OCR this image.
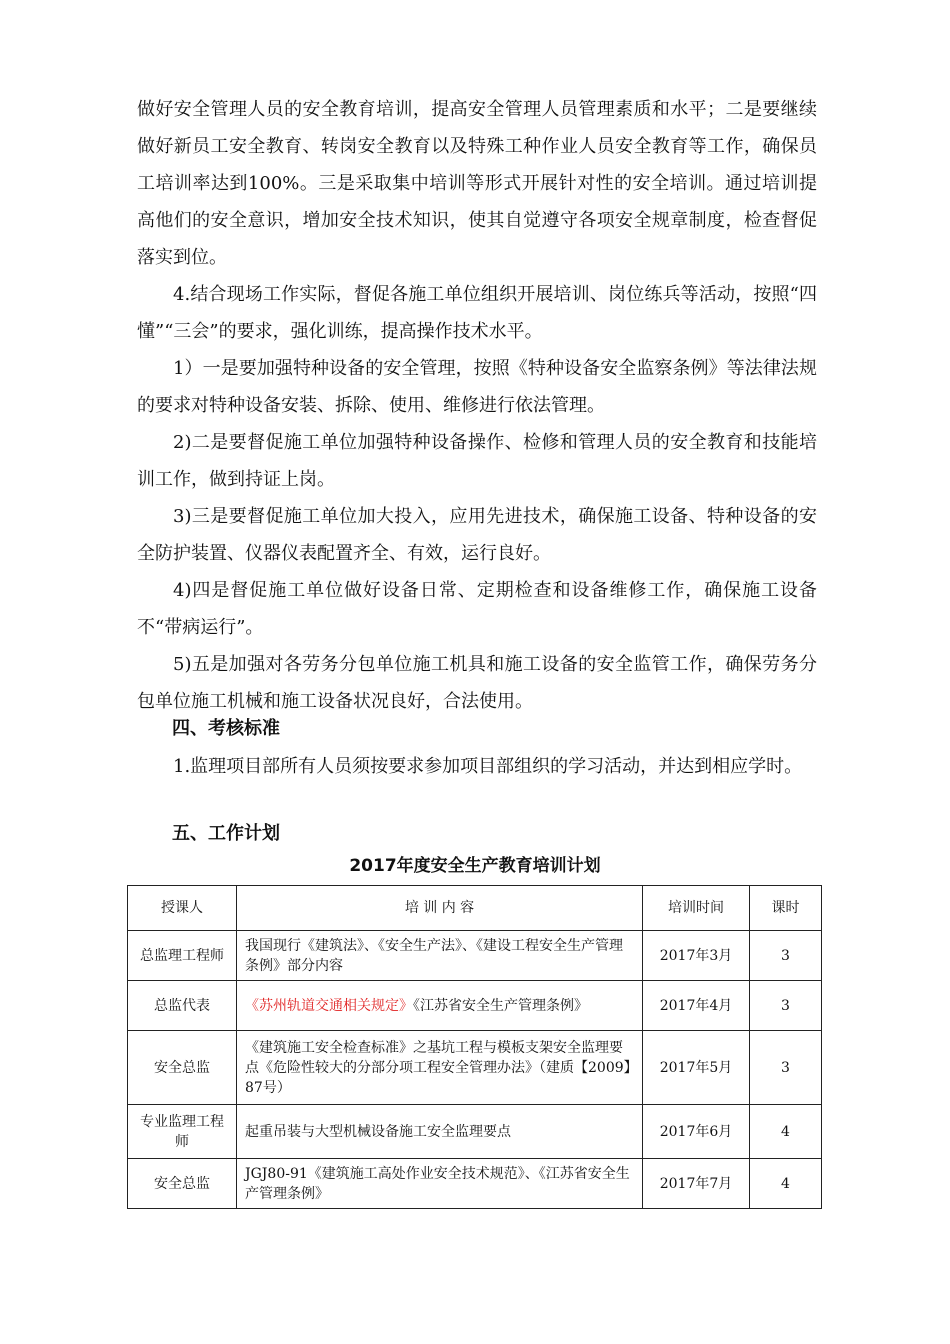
做好安全管理人员的安全教育培训，提高安全管理人员管理素质和水平；二是要继续做好新员工安全教育、转岗安全教育以及特殊工种作业人员安全教育等工作，确保员工培训率达到100%。三是采取集中培训等形式开展针对性的安全培训。通过培训提高他们的安全意识，增加安全技术知识，使其自觉遵守各项安全规章制度，检查督促落实到位。

4.结合现场工作实际，督促各施工单位组织开展培训、岗位练兵等活动，按照“四懂”“三会”的要求，强化训练，提高操作技术水平。

1）一是要加强特种设备的安全管理，按照《特种设备安全监察条例》等法律法规的要求对特种设备安装、拆除、使用、维修进行依法管理。

2)二是要督促施工单位加强特种设备操作、检修和管理人员的安全教育和技能培训工作，做到持证上岗。

3)三是要督促施工单位加大投入，应用先进技术，确保施工设备、特种设备的安全防护装置、仪器仪表配置齐全、有效，运行良好。

4)四是督促施工单位做好设备日常、定期检查和设备维修工作，确保施工设备不“带病运行”。

5)五是加强对各劳务分包单位施工机具和施工设备的安全监管工作，确保劳务分包单位施工机械和施工设备状况良好，合法使用。

四、考核标准

1.监理项目部所有人员须按要求参加项目部组织的学习活动，并达到相应学时。

五、工作计划

2017年度安全生产教育培训计划

授课人	培 训 内 容	培训时间	课时
总监理工程师	我国现行《建筑法》、《安全生产法》、《建设工程安全生产管理条例》部分内容	2017年3月	3
总监代表	《苏州轨道交通相关规定》《江苏省安全生产管理条例》	2017年4月	3
安全总监	《建筑施工安全检查标准》之基坑工程与模板支架安全监理要点《危险性较大的分部分项工程安全管理办法》（建质【2009】87号）	2017年5月	3
专业监理工程师	起重吊装与大型机械设备施工安全监理要点	2017年6月	4
安全总监	JGJ80-91《建筑施工高处作业安全技术规范》、《江苏省安全生产管理条例》	2017年7月	4
